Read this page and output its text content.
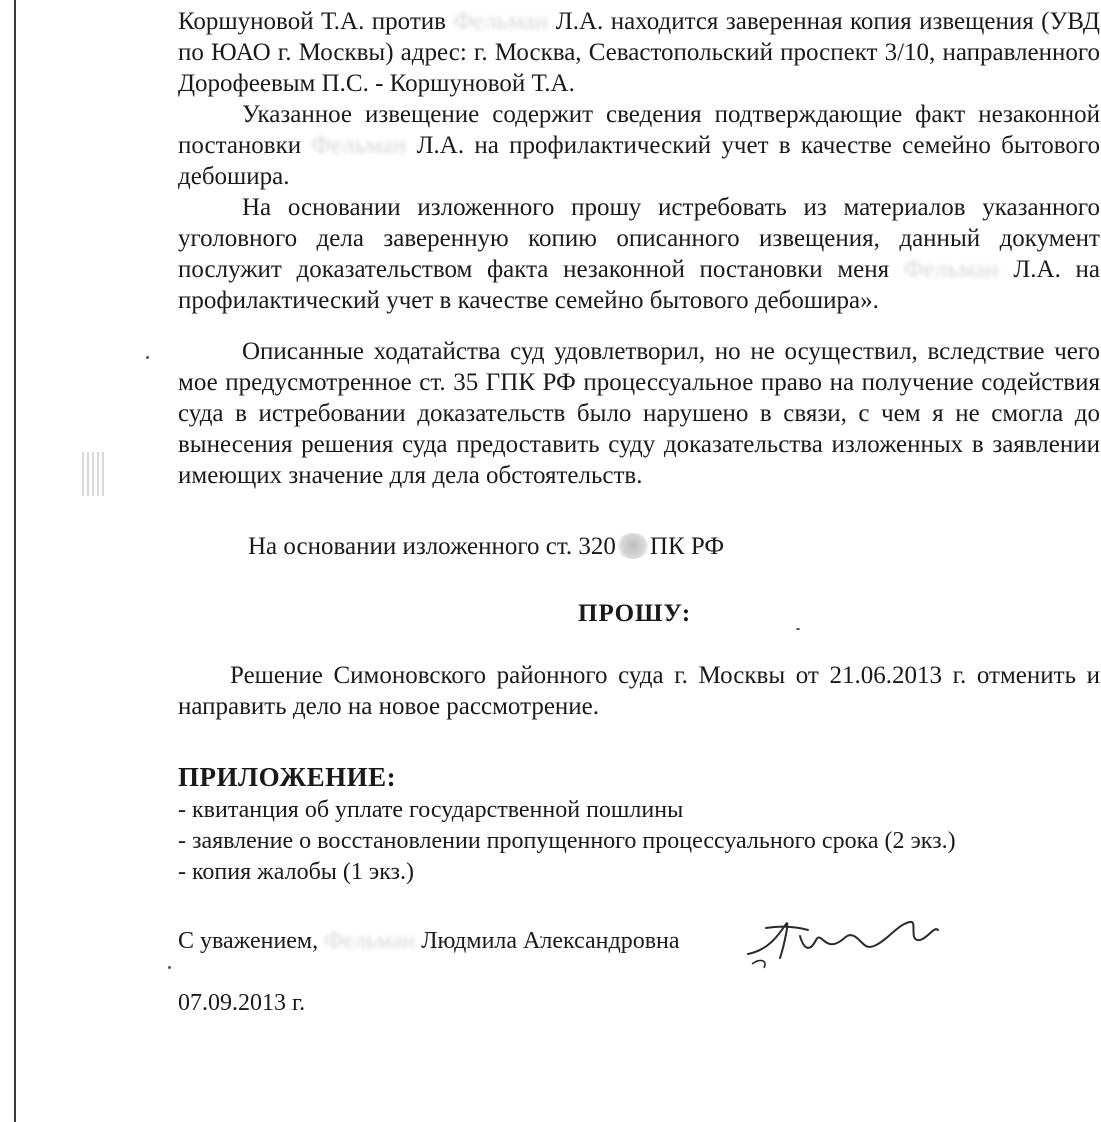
Коршуновой Т.А. против Фельман Л.А. находится заверенная копия извещения (УВД по ЮАО г. Москвы) адрес: г. Москва, Севастопольский проспект 3/10, направленного Дорофеевым П.С. - Коршуновой Т.А.

Указанное извещение содержит сведения подтверждающие факт незаконной постановки Фельман Л.А. на профилактический учет в качестве семейно бытового дебошира.

На основании изложенного прошу истребовать из материалов указанного уголовного дела заверенную копию описанного извещения, данный документ послужит доказательством факта незаконной постановки меня Фельман Л.А. на профилактический учет в качестве семейно бытового дебошира».

Описанные ходатайства суд удовлетворил, но не осуществил, вследствие чего мое предусмотренное ст. 35 ГПК РФ процессуальное право на получение содействия суда в истребовании доказательств было нарушено в связи, с чем я не смогла до вынесения решения суда предоставить суду доказательства изложенных в заявлении имеющих значение для дела обстоятельств.

На основании изложенного ст. 320 ПК РФ
ПРОШУ:

Решение Симоновского районного суда г. Москвы от 21.06.2013 г. отменить и направить дело на новое рассмотрение.

ПРИЛОЖЕНИЕ:
- квитанция об уплате государственной пошлины
- заявление о восстановлении пропущенного процессуального срока (2 экз.)
- копия жалобы (1 экз.)
С уважением, Фельман Людмила Александровна
07.09.2013 г.
